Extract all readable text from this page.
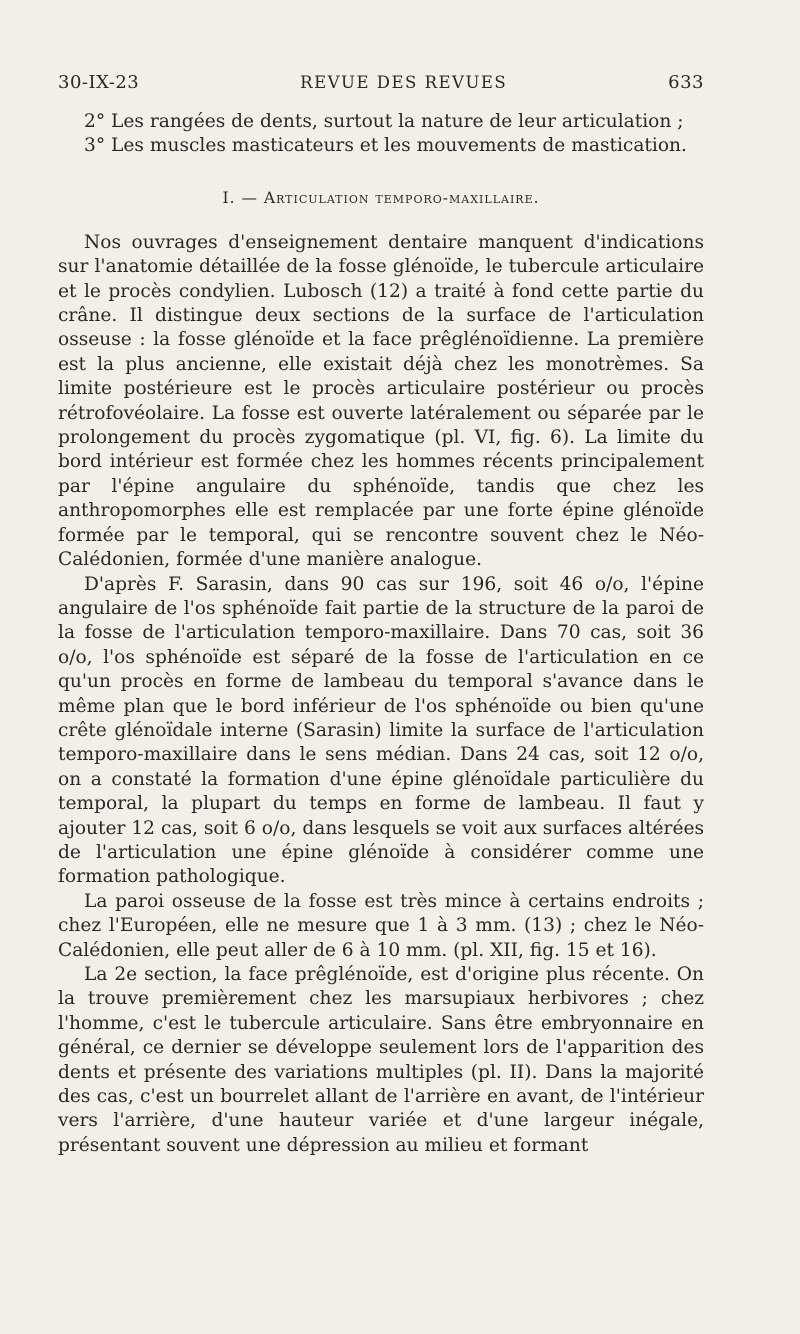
30-IX-23	REVUE DES REVUES	633

2° Les rangées de dents, surtout la nature de leur articulation ;

3° Les muscles masticateurs et les mouvements de mastication.

I. — Articulation temporo-maxillaire.

Nos ouvrages d'enseignement dentaire manquent d'indications sur l'anatomie détaillée de la fosse glénoïde, le tubercule articulaire et le procès condylien. Lubosch (12) a traité à fond cette partie du crâne. Il distingue deux sections de la surface de l'articulation osseuse : la fosse glénoïde et la face prêglénoïdienne. La première est la plus ancienne, elle existait déjà chez les monotrèmes. Sa limite postérieure est le procès articulaire postérieur ou procès rétrofovéolaire. La fosse est ouverte latéralement ou séparée par le prolongement du procès zygomatique (pl. VI, fig. 6). La limite du bord intérieur est formée chez les hommes récents principalement par l'épine angulaire du sphénoïde, tandis que chez les anthropomorphes elle est remplacée par une forte épine glénoïde formée par le temporal, qui se rencontre souvent chez le Néo-Calédonien, formée d'une manière analogue.

D'après F. Sarasin, dans 90 cas sur 196, soit 46 o/o, l'épine angulaire de l'os sphénoïde fait partie de la structure de la paroi de la fosse de l'articulation temporo-maxillaire. Dans 70 cas, soit 36 o/o, l'os sphénoïde est séparé de la fosse de l'articulation en ce qu'un procès en forme de lambeau du temporal s'avance dans le même plan que le bord inférieur de l'os sphénoïde ou bien qu'une crête glénoïdale interne (Sarasin) limite la surface de l'articulation temporo-maxillaire dans le sens médian. Dans 24 cas, soit 12 o/o, on a constaté la formation d'une épine glénoïdale particulière du temporal, la plupart du temps en forme de lambeau. Il faut y ajouter 12 cas, soit 6 o/o, dans lesquels se voit aux surfaces altérées de l'articulation une épine glénoïde à considérer comme une formation pathologique.

La paroi osseuse de la fosse est très mince à certains endroits ; chez l'Européen, elle ne mesure que 1 à 3 mm. (13) ; chez le Néo-Calédonien, elle peut aller de 6 à 10 mm. (pl. XII, fig. 15 et 16).

La 2e section, la face prêglénoïde, est d'origine plus récente. On la trouve premièrement chez les marsupiaux herbivores ; chez l'homme, c'est le tubercule articulaire. Sans être embryonnaire en général, ce dernier se développe seulement lors de l'apparition des dents et présente des variations multiples (pl. II). Dans la majorité des cas, c'est un bourrelet allant de l'arrière en avant, de l'intérieur vers l'arrière, d'une hauteur variée et d'une largeur inégale, présentant souvent une dépression au milieu et formant
